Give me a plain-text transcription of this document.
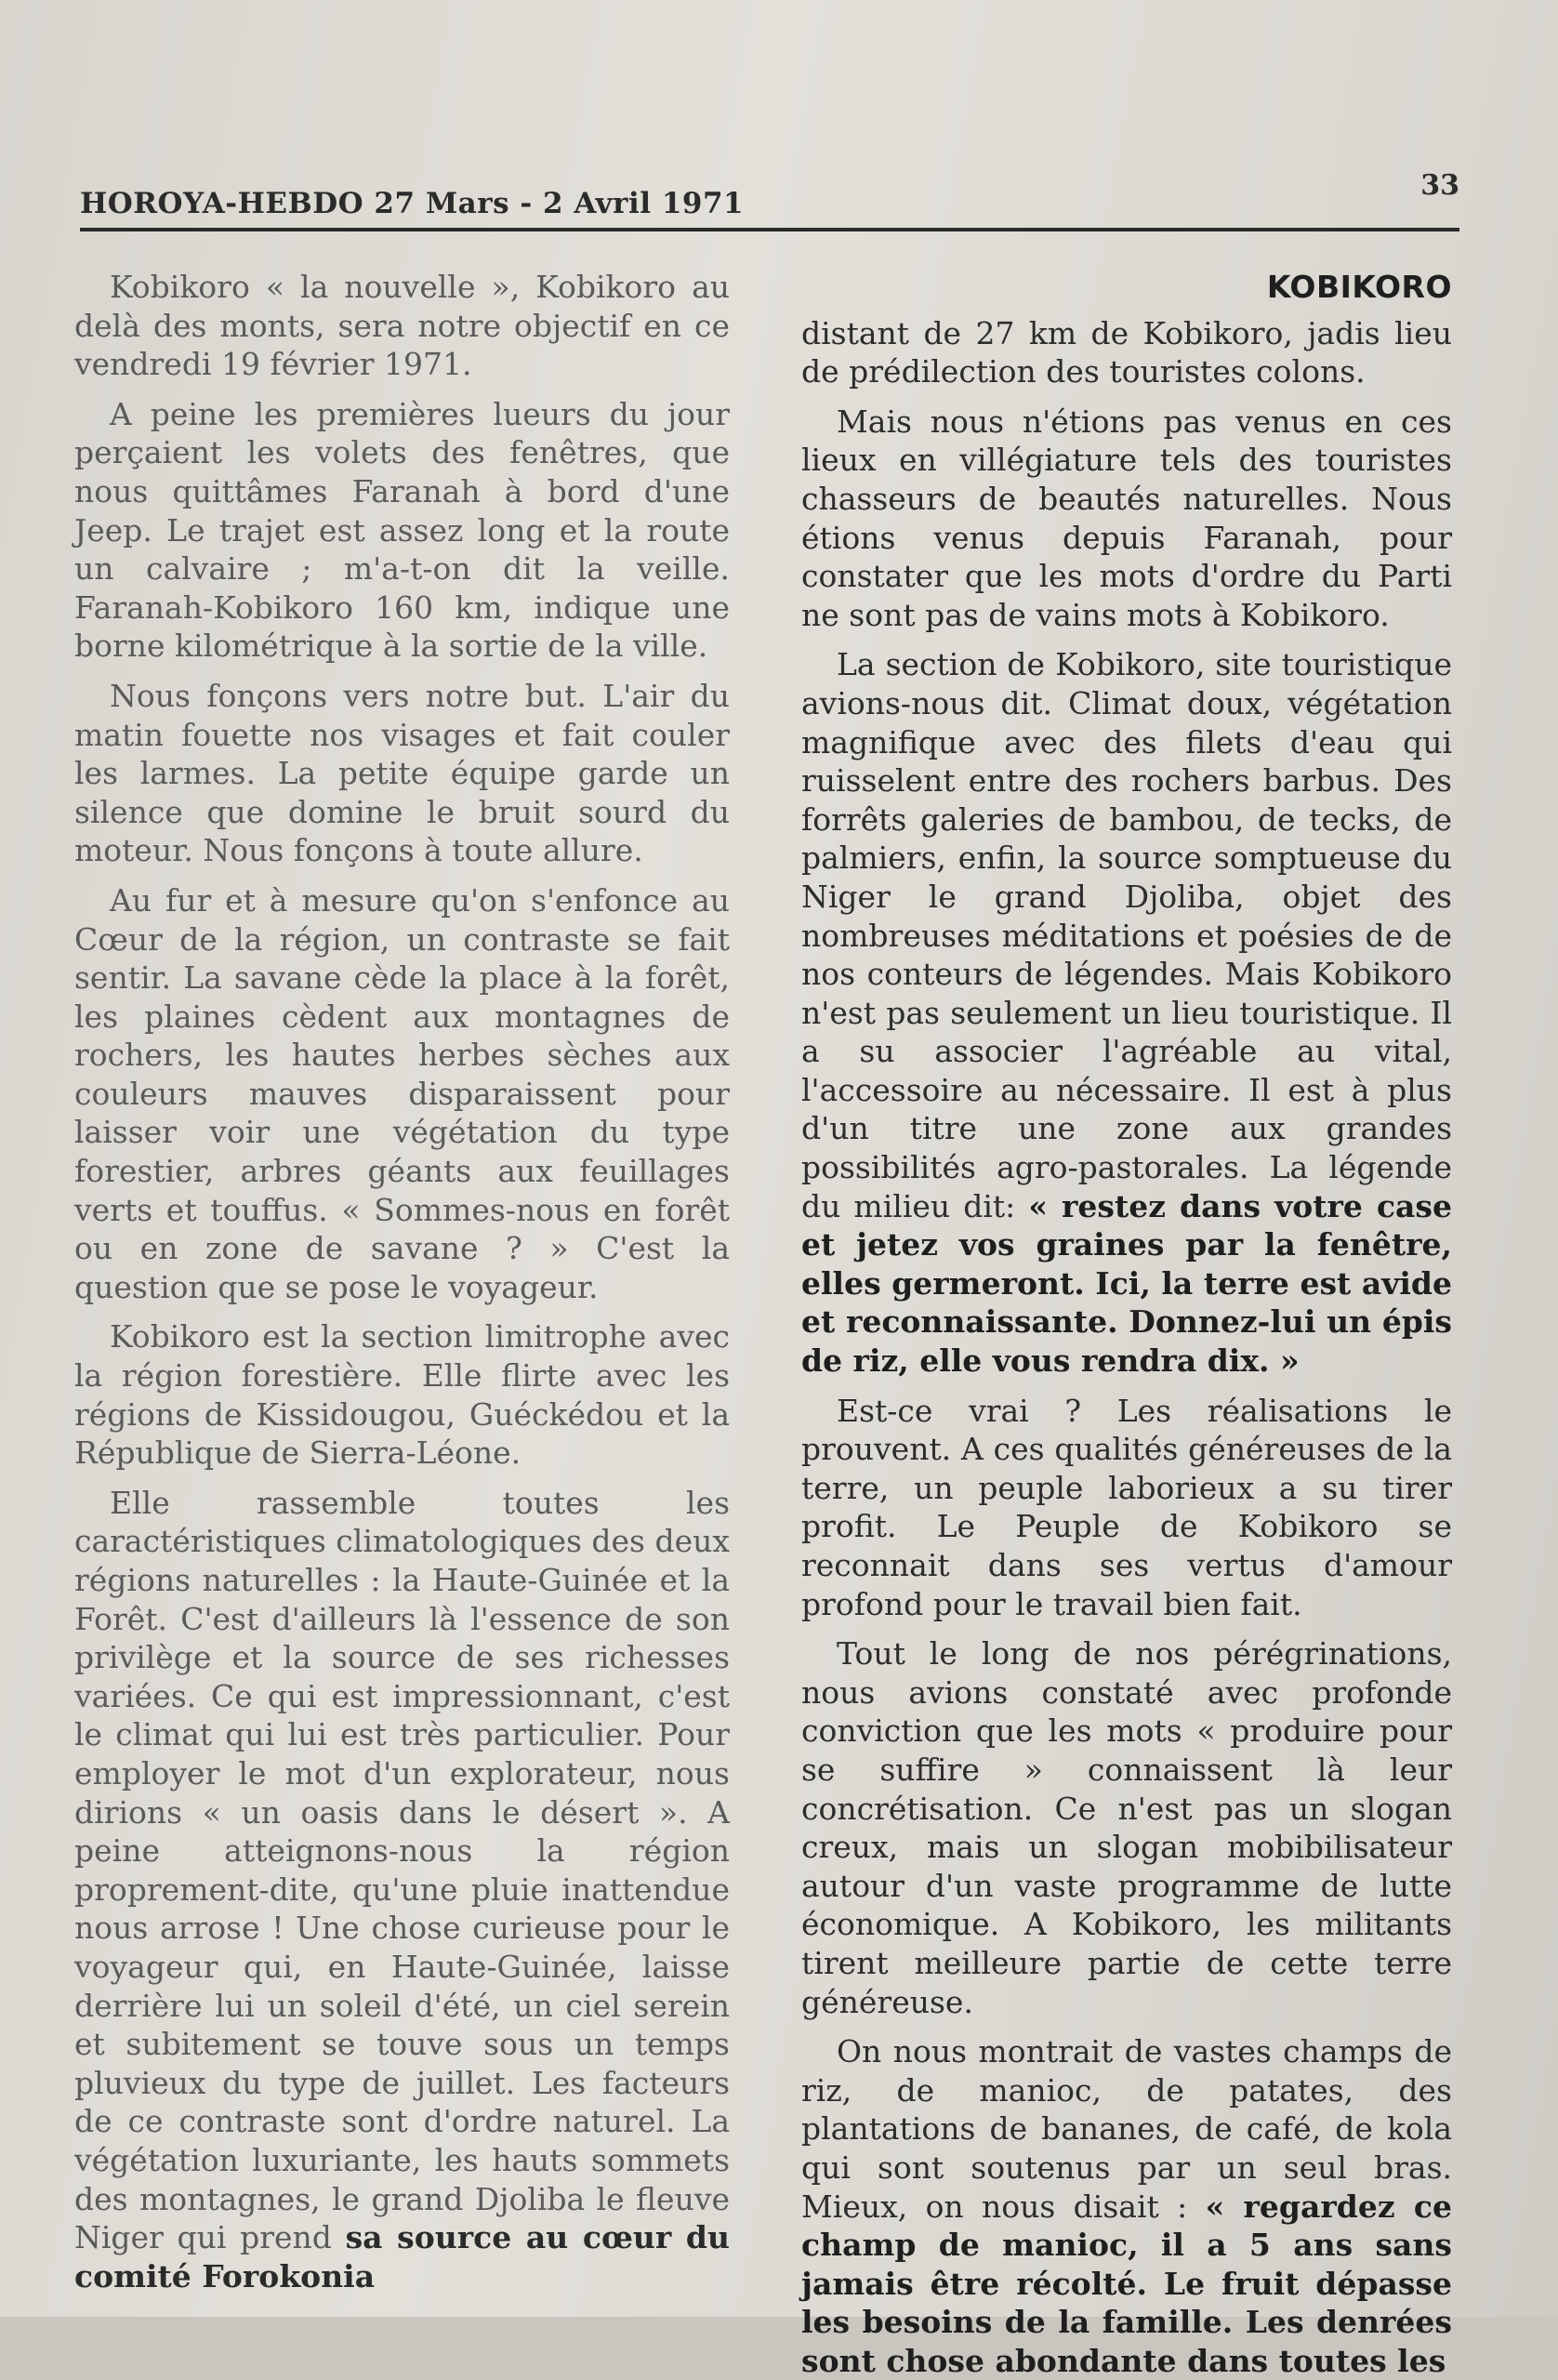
HOROYA-HEBDO 27 Mars - 2 Avril 1971
33

Kobikoro « la nouvelle », Kobikoro au delà des monts, sera notre objectif en ce vendredi 19 février 1971.

A peine les premières lueurs du jour perçaient les volets des fenêtres, que nous quittâmes Faranah à bord d'une Jeep. Le trajet est assez long et la route un calvaire ; m'a-t-on dit la veille. Faranah-Kobikoro 160 km, indique une borne kilométrique à la sortie de la ville.

Nous fonçons vers notre but. L'air du matin fouette nos visages et fait couler les larmes. La petite équipe garde un silence que domine le bruit sourd du moteur. Nous fonçons à toute allure.

Au fur et à mesure qu'on s'enfonce au Cœur de la région, un contraste se fait sentir. La savane cède la place à la forêt, les plaines cèdent aux montagnes de rochers, les hautes herbes sèches aux couleurs mauves disparaissent pour laisser voir une végétation du type forestier, arbres géants aux feuillages verts et touffus. « Sommes-nous en forêt ou en zone de savane ? » C'est la question que se pose le voyageur.

Kobikoro est la section limitrophe avec la région forestière. Elle flirte avec les régions de Kissidougou, Guéckédou et la République de Sierra-Léone.

Elle rassemble toutes les caractéristiques climatologiques des deux régions naturelles : la Haute-Guinée et la Forêt. C'est d'ailleurs là l'essence de son privilège et la source de ses richesses variées. Ce qui est impressionnant, c'est le climat qui lui est très particulier. Pour employer le mot d'un explorateur, nous dirions « un oasis dans le désert ». A peine atteignons-nous la région proprement-dite, qu'une pluie inattendue nous arrose ! Une chose curieuse pour le voyageur qui, en Haute-Guinée, laisse derrière lui un soleil d'été, un ciel serein et subitement se touve sous un temps pluvieux du type de juillet. Les facteurs de ce contraste sont d'ordre naturel. La végétation luxuriante, les hauts sommets des montagnes, le grand Djoliba le fleuve Niger qui prend sa source au cœur du comité Forokonia

KOBIKORO

distant de 27 km de Kobikoro, jadis lieu de prédilection des touristes colons.

Mais nous n'étions pas venus en ces lieux en villégiature tels des touristes chasseurs de beautés naturelles. Nous étions venus depuis Faranah, pour constater que les mots d'ordre du Parti ne sont pas de vains mots à Kobikoro.

La section de Kobikoro, site touristique avions-nous dit. Climat doux, végétation magnifique avec des filets d'eau qui ruisselent entre des rochers barbus. Des forrêts galeries de bambou, de tecks, de palmiers, enfin, la source somptueuse du Niger le grand Djoliba, objet des nombreuses méditations et poésies de de nos conteurs de légendes. Mais Kobikoro n'est pas seulement un lieu touristique. Il a su associer l'agréable au vital, l'accessoire au nécessaire. Il est à plus d'un titre une zone aux grandes possibilités agro-pastorales. La légende du milieu dit: « restez dans votre case et jetez vos graines par la fenêtre, elles germeront. Ici, la terre est avide et reconnaissante. Donnez-lui un épis de riz, elle vous rendra dix. »

Est-ce vrai ? Les réalisations le prouvent. A ces qualités généreuses de la terre, un peuple laborieux a su tirer profit. Le Peuple de Kobikoro se reconnait dans ses vertus d'amour profond pour le travail bien fait.

Tout le long de nos pérégrinations, nous avions constaté avec profonde conviction que les mots « produire pour se suffire » connaissent là leur concrétisation. Ce n'est pas un slogan creux, mais un slogan mobibilisateur autour d'un vaste programme de lutte économique. A Kobikoro, les militants tirent meilleure partie de cette terre généreuse.

On nous montrait de vastes champs de riz, de manioc, de patates, des plantations de bananes, de café, de kola qui sont soutenus par un seul bras. Mieux, on nous disait : « regardez ce champ de manioc, il a 5 ans sans jamais être récolté. Le fruit dépasse les besoins de la famille. Les denrées sont chose abondante dans toutes les
